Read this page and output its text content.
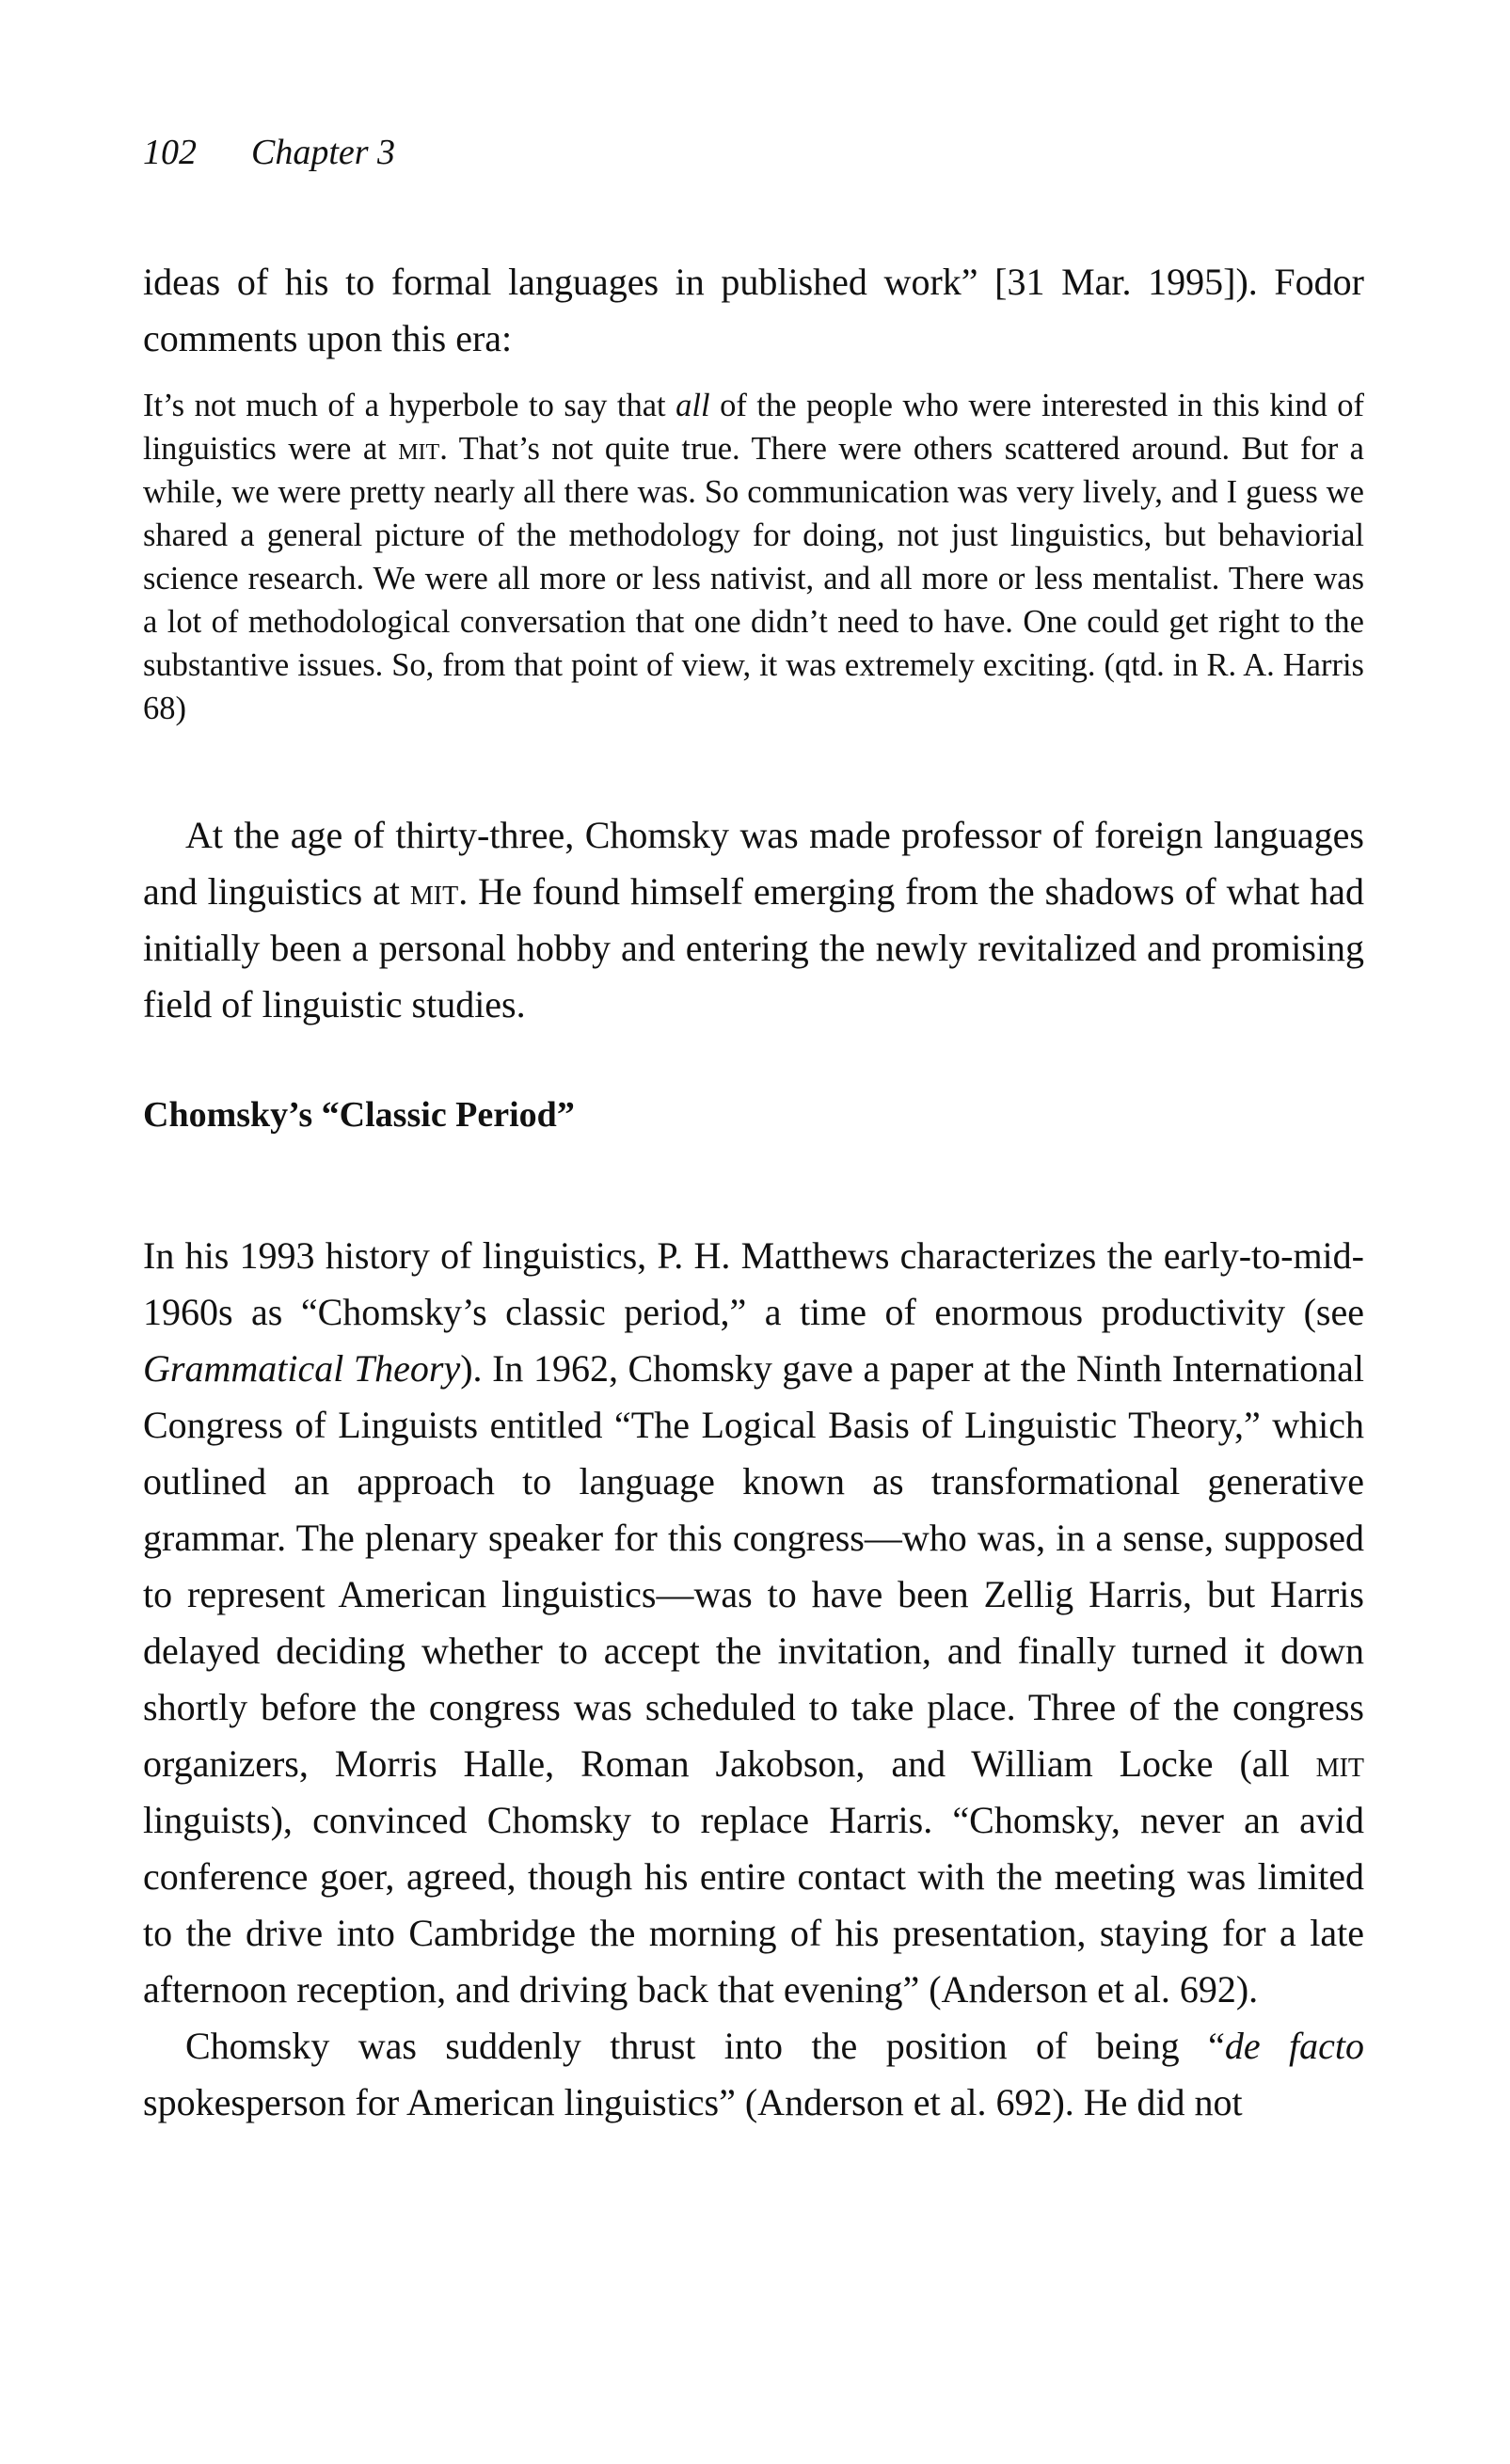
102 Chapter 3

ideas of his to formal languages in published work” [31 Mar. 1995]). Fodor comments upon this era:

It’s not much of a hyperbole to say that all of the people who were interested in this kind of linguistics were at mit. That’s not quite true. There were others scattered around. But for a while, we were pretty nearly all there was. So communication was very lively, and I guess we shared a general picture of the methodology for doing, not just linguistics, but behaviorial science research. We were all more or less nativist, and all more or less mentalist. There was a lot of methodological conversation that one didn’t need to have. One could get right to the substantive issues. So, from that point of view, it was extremely exciting. (qtd. in R. A. Harris 68)

At the age of thirty-three, Chomsky was made professor of foreign languages and linguistics at mit. He found himself emerging from the shadows of what had initially been a personal hobby and entering the newly revitalized and promising field of linguistic studies.

Chomsky’s “Classic Period”

In his 1993 history of linguistics, P. H. Matthews characterizes the early-to-mid-1960s as “Chomsky’s classic period,” a time of enormous productivity (see Grammatical Theory). In 1962, Chomsky gave a paper at the Ninth International Congress of Linguists entitled “The Logical Basis of Linguistic Theory,” which outlined an approach to language known as transformational generative grammar. The plenary speaker for this congress—who was, in a sense, supposed to represent American linguistics—was to have been Zellig Harris, but Harris delayed deciding whether to accept the invitation, and finally turned it down shortly before the congress was scheduled to take place. Three of the congress organizers, Morris Halle, Roman Jakobson, and William Locke (all mit linguists), convinced Chomsky to replace Harris. “Chomsky, never an avid conference goer, agreed, though his entire contact with the meeting was limited to the drive into Cambridge the morning of his presentation, staying for a late afternoon reception, and driving back that evening” (Anderson et al. 692).

Chomsky was suddenly thrust into the position of being “de facto spokesperson for American linguistics” (Anderson et al. 692). He did not
